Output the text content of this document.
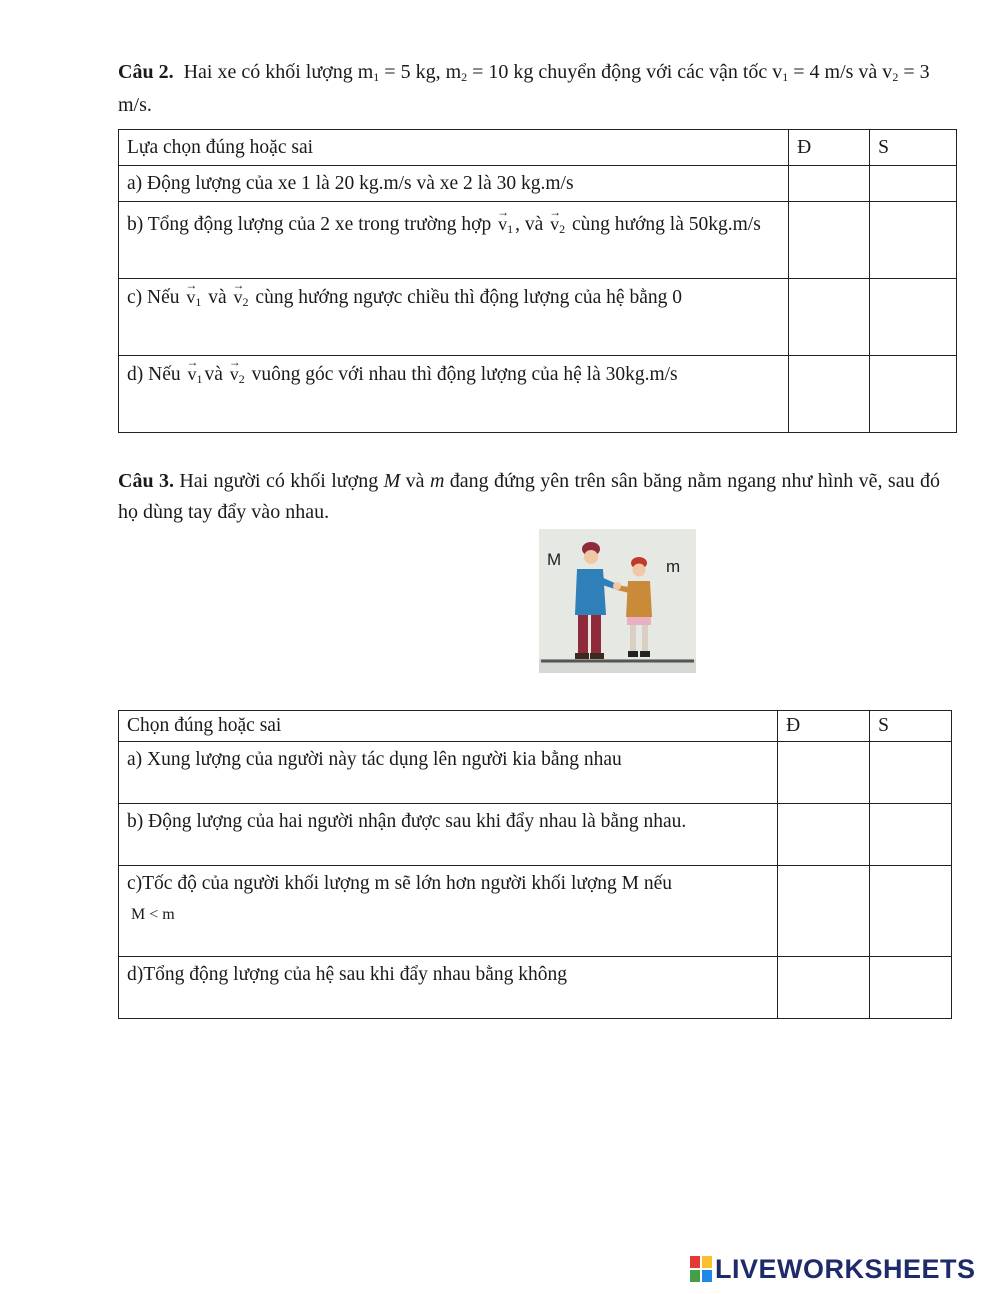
Câu 2. Hai xe có khối lượng $m_1 = 5$ kg, $m_2 = 10$ kg chuyển động với các vận tốc $v_1 = 4$ m/s và $v_2 = 3$ m/s.
Lựa chọn đúng hoặc sai	Đ	S
a) Động lượng của xe 1 là 20 kg.m/s và xe 2 là 30 kg.m/s		
b) Tổng động lượng của 2 xe trong trường hợp → $v_1$ , và → $v_2$ cùng hướng là 50kg.m/s		
c) Nếu → $v_1$ và → $v_2$ cùng hướng ngược chiều thì động lượng của hệ bằng 0		
d) Nếu → $v_1$ và → $v_2$ vuông góc với nhau thì động lượng của hệ là 30kg.m/s		
Câu 3. Hai người có khối lượng M và m đang đứng yên trên sân băng nằm ngang như hình vẽ, sau đó họ dùng tay đẩy vào nhau.
M	m
Chọn đúng hoặc sai	Đ	S
a) Xung lượng của người này tác dụng lên người kia bằng nhau		
b) Động lượng của hai người nhận được sau khi đẩy nhau là bằng nhau.		
c)Tốc độ của người khối lượng m sẽ lớn hơn người khối lượng M nếu
M < m		
d)Tổng động lượng của hệ sau khi đẩy nhau bằng không		
LIVEWORKSHEETS
